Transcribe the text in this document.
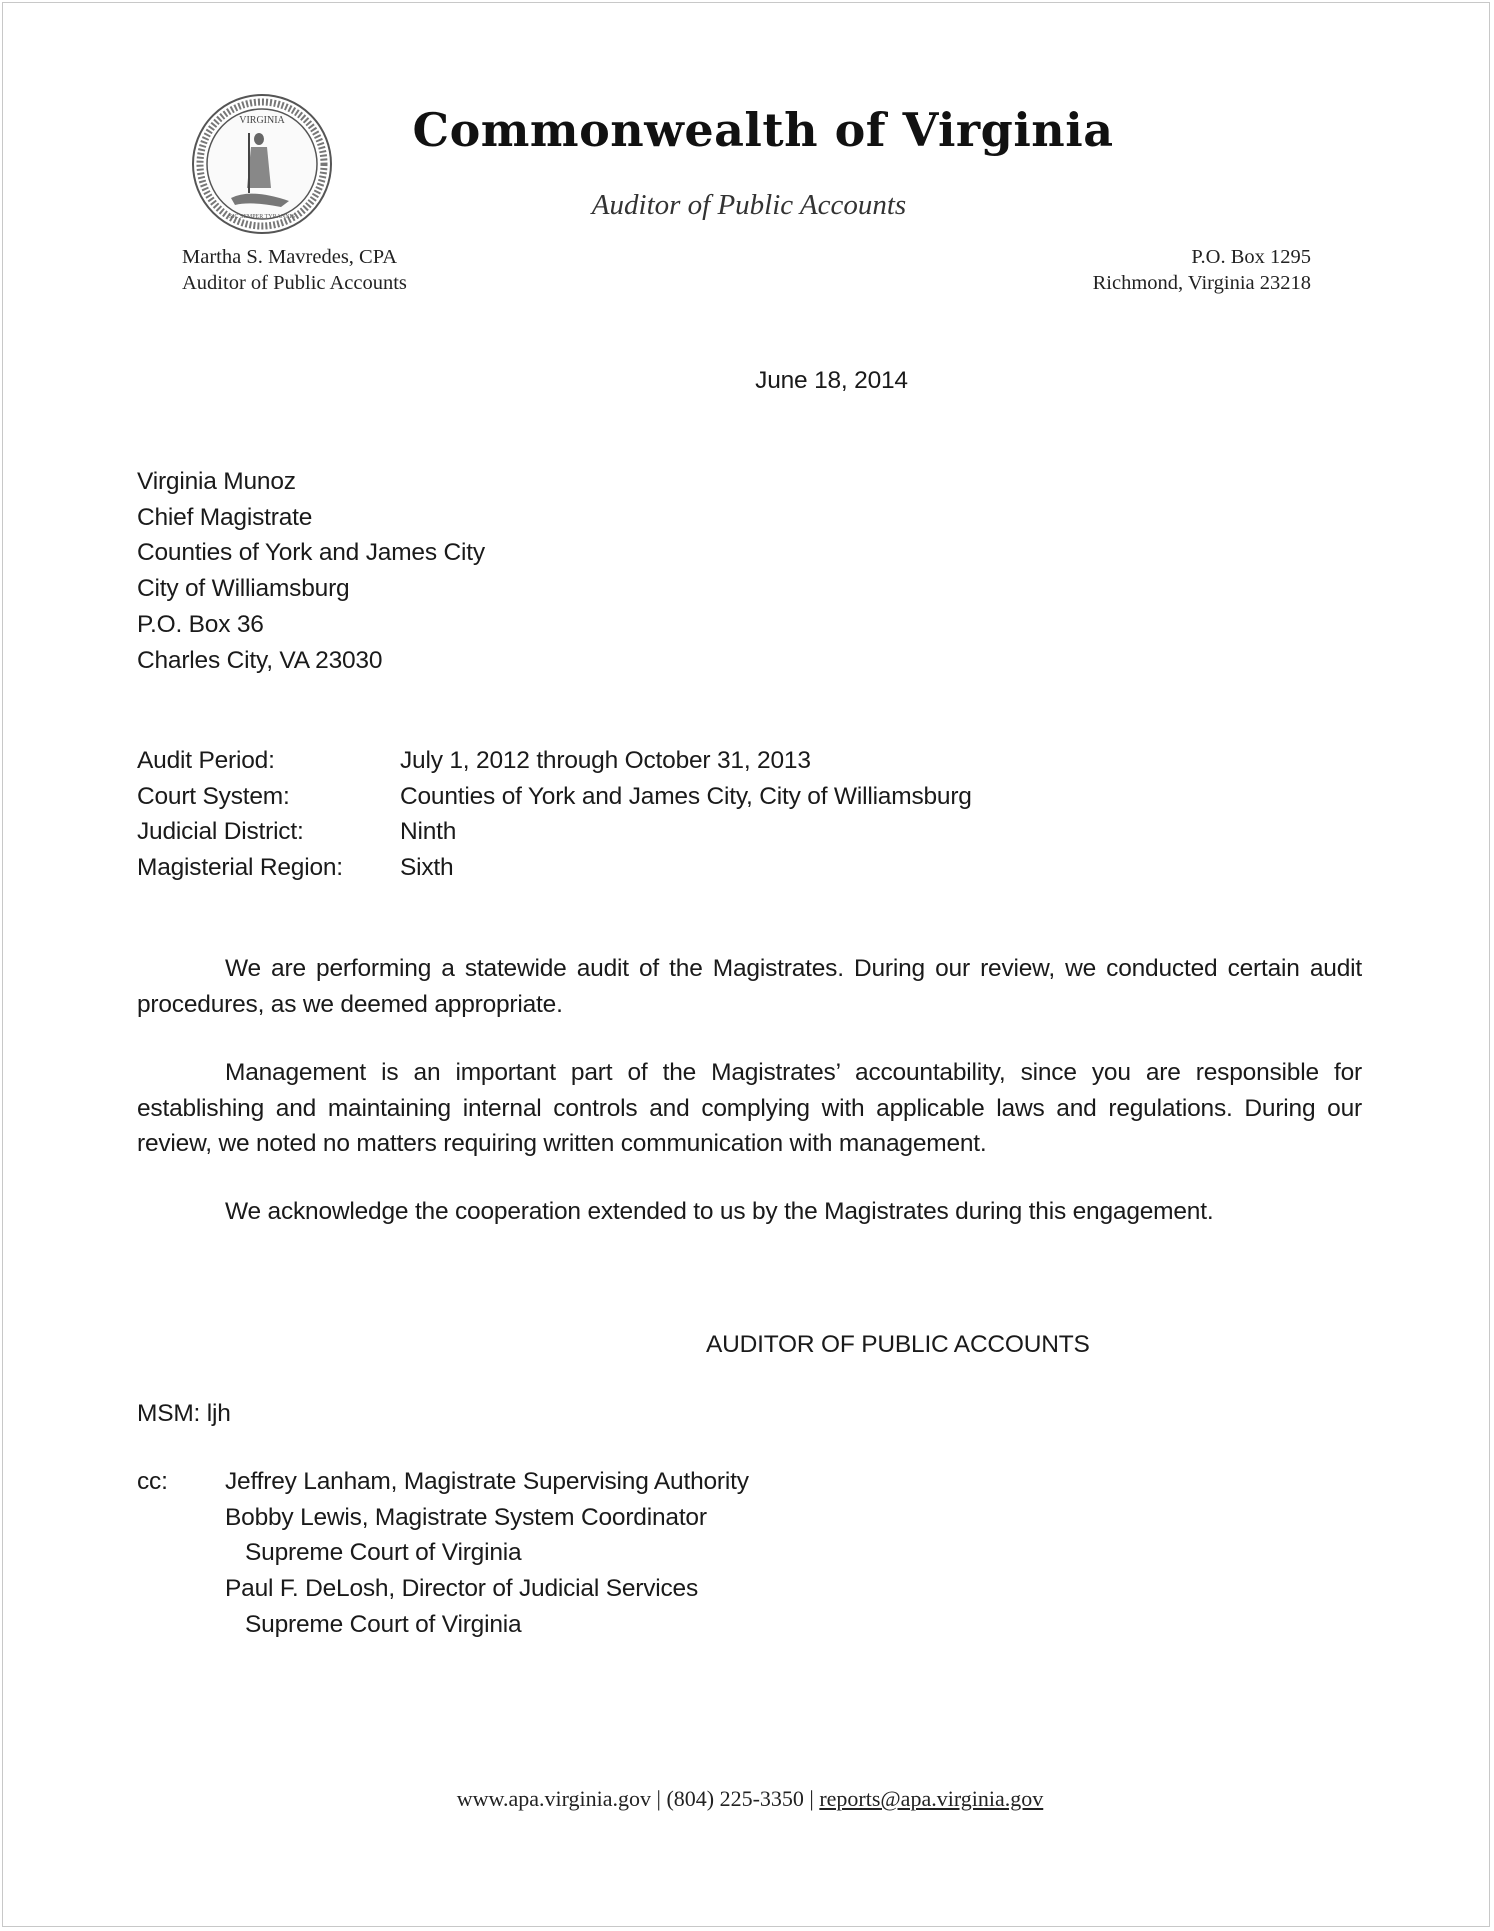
VIRGINIA
SIC SEMPER TYRANNIS
Commonwealth of Virginia
Auditor of Public Accounts
Martha S. Mavredes, CPA
Auditor of Public Accounts
P.O. Box 1295
Richmond, Virginia 23218
June 18, 2014
Virginia Munoz
Chief Magistrate
Counties of York and James City
City of Williamsburg
P.O. Box 36
Charles City, VA 23030
Audit Period:	July 1, 2012 through October 31, 2013
Court System:	Counties of York and James City, City of Williamsburg
Judicial District:	Ninth
Magisterial Region:	Sixth

We are performing a statewide audit of the Magistrates. During our review, we conducted certain audit procedures, as we deemed appropriate.

Management is an important part of the Magistrates’ accountability, since you are responsible for establishing and maintaining internal controls and complying with applicable laws and regulations. During our review, we noted no matters requiring written communication with management.

We acknowledge the cooperation extended to us by the Magistrates during this engagement.

AUDITOR OF PUBLIC ACCOUNTS
MSM: ljh
cc:	Jeffrey Lanham, Magistrate Supervising Authority
Bobby Lewis, Magistrate System Coordinator
Supreme Court of Virginia
Paul F. DeLosh, Director of Judicial Services
Supreme Court of Virginia
www.apa.virginia.gov | (804) 225-3350 | reports@apa.virginia.gov
